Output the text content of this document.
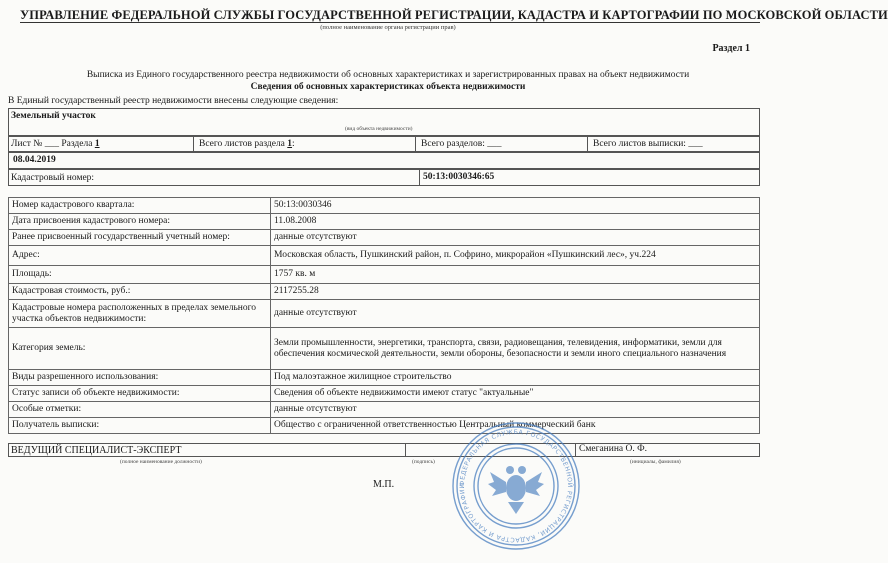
УПРАВЛЕНИЕ ФЕДЕРАЛЬНОЙ СЛУЖБЫ ГОСУДАРСТВЕННОЙ РЕГИСТРАЦИИ, КАДАСТРА И КАРТОГРАФИИ ПО МОСКОВСКОЙ ОБЛАСТИ
(полное наименование органа регистрации прав)
Раздел 1
Выписка из Единого государственного реестра недвижимости об основных характеристиках и зарегистрированных правах на объект недвижимости
Сведения об основных характеристиках объекта недвижимости
В Единый государственный реестр недвижимости внесены следующие сведения:
Земельный участок
(вид объекта недвижимости)
Лист № ___ Раздела 1	Всего листов раздела 1:	Всего разделов: ___	Всего листов выписки: ___
08.04.2019
Кадастровый номер:	50:13:0030346:65
Номер кадастрового квартала:	50:13:0030346
Дата присвоения кадастрового номера:	11.08.2008
Ранее присвоенный государственный учетный номер:	данные отсутствуют
Адрес:	Московская область, Пушкинский район, п. Софрино, микрорайон «Пушкинский лес», уч.224
Площадь:	1757 кв. м
Кадастровая стоимость, руб.:	2117255.28
Кадастровые номера расположенных в пределах земельного участка объектов недвижимости:	данные отсутствуют
Категория земель:	Земли промышленности, энергетики, транспорта, связи, радиовещания, телевидения, информатики, земли для обеспечения космической деятельности, земли обороны, безопасности и земли иного специального назначения
Виды разрешенного использования:	Под малоэтажное жилищное строительство
Статус записи об объекте недвижимости:	Сведения об объекте недвижимости имеют статус "актуальные"
Особые отметки:	данные отсутствуют
Получатель выписки:	Общество с ограниченной ответственностью Центральный коммерческий банк
ВЕДУЩИЙ СПЕЦИАЛИСТ-ЭКСПЕРТ	Смеганина О. Ф.
(полное наименование должности)	(подпись)	(инициалы, фамилия)
М.П.	ФЕДЕРАЛЬНАЯ СЛУЖБА ГОСУДАРСТВЕННОЙ РЕГИСТРАЦИИ, КАДАСТРА И КАРТОГРАФИИ
